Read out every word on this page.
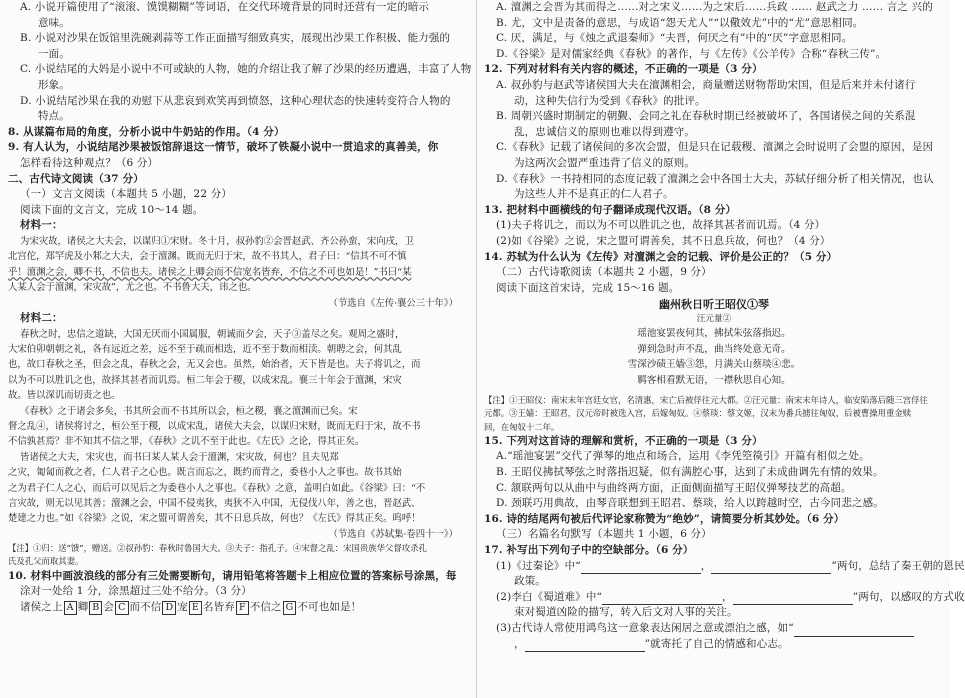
A. 小说开篇使用了“滚滚、馍馍糊糊”等词语，在交代环境背景的同时还营有一定的暗示
意味。
B. 小说对沙果在饭馆里洗碗剥蒜等工作正面描写细致真实，展现出沙果工作积极、能力强的
一面。
C. 小说结尾的大妈是小说中不可或缺的人物，她的介绍让我了解了沙果的经历遭遇，丰富了人物
形象。
D. 小说结尾沙果在我的劝慰下从悲哀到欢笑再到愤怒，这种心理状态的快速转变符合人物的
特点。
8. 从谋篇布局的角度，分析小说中牛奶站的作用。（4 分）
9. 有人认为，小说结尾沙果被饭馆辞退这一情节，破坏了铁凝小说中一贯追求的真善美，你
怎样看待这种观点？（6 分）
二、古代诗文阅读（37 分）
（一）文言文阅读（本题共 5 小题，22 分）
阅读下面的文言文，完成 10～14 题。
材料一：
为宋灾故，诸侯之大夫会，以谋归①宋财。冬十月，叔孙豹②会晋赵武、齐公孙蛮，宋向戌，卫
北宫佗，郑罕虎及小邾之大夫，会于澶渊。既而无归于宋，故不书其人，君子曰：“信其不可不慎
乎！澶渊之会，卿不书，不信也夫。诸侯之上卿会而不信宠名皆弃，不信之不可也如是！”书曰“某
人某人会于澶渊，宋灾故”，尤之也。不书鲁大夫，讳之也。
（节选自《左传·襄公三十年》）
材料二：
春秋之时，忠信之道缺，大国无厌而小国属服，朝诚而夕会，天子③盖尽之矣。观周之盛时，
大宋伯卯朝朝之礼，各有远近之差，远不至于疏而相迭，近不至于数而相渎。朝聘之会，何其乱
也，故口春秋之圣，但会之乱，春秋之会，无又会也。虽然，始治者，天下皆是也。夫子将讥之，而
以为不可以胜讥之也，故择其甚者而讥焉。桓二年会于稷，以成宋乱。襄三十年会于澶渊，宋灾
故。皆以深讥而切责之也。
《春秋》之于诸会多矣，书其所会而不书其所以会，桓之稷，襄之澶渊而已矣。宋
督之乱④，诸侯将讨之，桓公至于稷，以成宋乱，诸侯大夫会，以谋归宋财，既而无归于宋，故不书
不信孰甚焉？非不知其不信之罪，《春秋》之讥不至于此也。《左氏》之论，得其正矣。
皆诸侯之大夫，宋灾也，而书曰某人某人会于澶渊，宋灾故，何也？且夫见郑
之灾，匍匐而救之者，仁人君子之心也。既言而忘之，既约而背之，委巷小人之事也。故书其始
之为君子仁人之心，而后可以见后之为委巷小人之事也。《春秋》之意，盖明白如此。《谷梁》曰：“不
言灾故，则无以见其善；澶渊之会，中国不侵夷狄，夷狄不入中国，无侵伐八年，善之也，晋赵武、
楚建之力也。”如《谷梁》之说，宋之盟可谓善矣，其不日息兵故，何也？《左氏》得其正矣。呜呼！
（节选自《苏轼集·卷四十一》）
【注】①归：送“馈”，赠送。②叔孙豹：春秋时鲁国大夫。③夫子：指孔子。④宋督之乱：宋国贵族华父督攻杀孔
氏及孔父而取其妻。
10. 材料中画波浪线的部分有三处需要断句，请用铅笔将答题卡上相应位置的答案标号涂黑，每
涂对一处给 1 分，涂黑超过三处不给分。（3 分）
诸侯之上 A 卿 B 会 C 而不信 D 宠 E 名皆弃 F 不信之 G 不可也如是！
A. 澶渊之会晋为其而得之……对之宋义……为之宋后……兵政 …… 赵武之力 …… 言之 兴的
B. 尤，文中是责备的意思，与成语“怨天尤人”“以儆效尤”中的“尤”意思相同。
C. 厌，满足，与《烛之武退秦师》“夫晋，何厌之有”中的“厌”字意思相同。
D.《谷梁》是对儒家经典《春秋》的著作，与《左传》《公羊传》合称“春秋三传”。
12. 下列对材料有关内容的概述，不正确的一项是（3 分）
A. 叔孙豹与赵武等诸侯国大夫在澶渊相会，商量赠送财物帮助宋国，但是后来并未付诸行
动，这种失信行为受到《春秋》的批评。
B. 周朝兴盛时期制定的朝觐、会同之礼在春秋时期已经被破坏了，各国诸侯之间的关系混
乱，忠诚信义的原则也难以得到遵守。
C.《春秋》记载了诸侯间的多次会盟，但是只在记载稷、澶渊之会时说明了会盟的原因，是因
为这两次会盟严重违背了信义的原则。
D.《春秋》一书持相同的态度记载了澶渊之会中各国士大夫，苏轼仔细分析了相关情况，也认
为这些人并不是真正的仁人君子。
13. 把材料中画横线的句子翻译成现代汉语。（8 分）
(1)夫子将讥之，而以为不可以胜讥之也，故择其甚者而讥焉。（4 分）
(2)如《谷梁》之说，宋之盟可谓善矣，其不日息兵故，何也？（4 分）
14. 苏轼为什么认为《左传》对澶渊之会的记载、评价是公正的？（5 分）
（二）古代诗歌阅读（本题共 2 小题，9 分）
阅读下面这首宋诗，完成 15～16 题。
幽州秋日听王昭仪①琴
汪元量②
瑶池宴罢夜何其，拂拭朱弦落指迟。
弹到急时声不乱，曲当终处意无奇。
雪深沙碛王嫱③怨，月满关山蔡琰④悲。
羁客相看默无语，一襟秋思自心知。
【注】①王昭仪：南宋末年宫廷女官，名清惠，宋亡后被俘往元大都。②汪元量：南宋末年诗人，临安陷落后随三宫俘往
元都。③王嫱：王昭君，汉元帝时被选入宫，后嫁匈奴。④蔡琰：蔡文姬，汉末为番兵掳往匈奴，后被曹操用重金赎
回，在匈奴十二年。
15. 下列对这首诗的理解和赏析，不正确的一项是（3 分）
A.“瑶池宴罢”交代了弹琴的地点和场合，运用《李凭箜篌引》开篇有相似之处。
B. 王昭仪拂拭琴弦之时落指迟疑，似有满腔心事，达到了未成曲调先有情的效果。
C. 颔联两句以从曲中与曲终两方面，正面侧面描写王昭仪弹琴技艺的高超。
D. 颈联巧用典故，由琴音联想到王昭君、蔡琰，给人以跨越时空，古今同悲之感。
16. 诗的结尾两句被后代评论家称赞为“绝妙”，请简要分析其妙处。（6 分）
（三）名篇名句默写（本题共 1 小题，6 分）
17. 补写出下列句子中的空缺部分。（6 分）
(1)《过秦论》中“	，	”两句，总结了秦王朝的恩民
政策。
(2)李白《蜀道难》中“	，	”两句，以感叹的方式收
束对蜀道凶险的描写，转入后文对人事的关注。
(3)古代诗人常使用鸿鸟这一意象表达闲居之意或漂泊之感，如“
，	”就寄托了自己的情感和心志。
